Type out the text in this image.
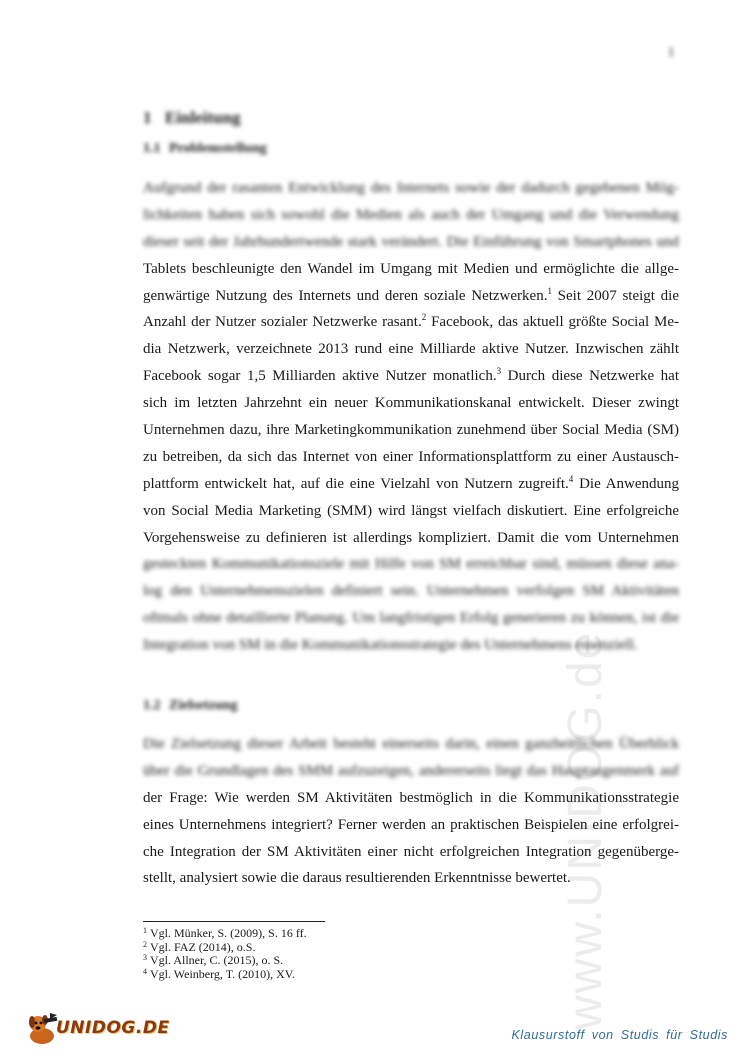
www.UNIDOG.de
1
1 Einleitung
1.1 Problemstellung
Aufgrund der rasanten Entwicklung des Internets sowie der dadurch gegebenen Mög-
lichkeiten haben sich sowohl die Medien als auch der Umgang und die Verwendung
dieser seit der Jahrhundertwende stark verändert. Die Einführung von Smartphones und
Tablets beschleunigte den Wandel im Umgang mit Medien und ermöglichte die allge-
genwärtige Nutzung des Internets und deren soziale Netzwerken.$^1$ Seit 2007 steigt die
Anzahl der Nutzer sozialer Netzwerke rasant.$^2$ Facebook, das aktuell größte Social Me-
dia Netzwerk, verzeichnete 2013 rund eine Milliarde aktive Nutzer. Inzwischen zählt
Facebook sogar 1,5 Milliarden aktive Nutzer monatlich.$^3$ Durch diese Netzwerke hat
sich im letzten Jahrzehnt ein neuer Kommunikationskanal entwickelt. Dieser zwingt
Unternehmen dazu, ihre Marketingkommunikation zunehmend über Social Media (SM)
zu betreiben, da sich das Internet von einer Informationsplattform zu einer Austausch-
plattform entwickelt hat, auf die eine Vielzahl von Nutzern zugreift.$^4$ Die Anwendung
von Social Media Marketing (SMM) wird längst vielfach diskutiert. Eine erfolgreiche
Vorgehensweise zu definieren ist allerdings kompliziert. Damit die vom Unternehmen
gesteckten Kommunikationsziele mit Hilfe von SM erreichbar sind, müssen diese ana-
log den Unternehmenszielen definiert sein. Unternehmen verfolgen SM Aktivitäten
oftmals ohne detaillierte Planung. Um langfristigen Erfolg generieren zu können, ist die
Integration von SM in die Kommunikationsstrategie des Unternehmens essenziell.
1.2 Zielsetzung
Die Zielsetzung dieser Arbeit besteht einerseits darin, einen ganzheitlichen Überblick
über die Grundlagen des SMM aufzuzeigen, andererseits liegt das Hauptaugenmerk auf
der Frage: Wie werden SM Aktivitäten bestmöglich in die Kommunikationsstrategie
eines Unternehmens integriert? Ferner werden an praktischen Beispielen eine erfolgrei-
che Integration der SM Aktivitäten einer nicht erfolgreichen Integration gegenüberge-
stellt, analysiert sowie die daraus resultierenden Erkenntnisse bewertet.
$^1$ Vgl. Münker, S. (2009), S. 16 ff.
$^2$ Vgl. FAZ (2014), o.S.
$^3$ Vgl. Allner, C. (2015), o. S.
$^4$ Vgl. Weinberg, T. (2010), XV.
UNIDOG.DE	Klausurstoff von Studis für Studis
